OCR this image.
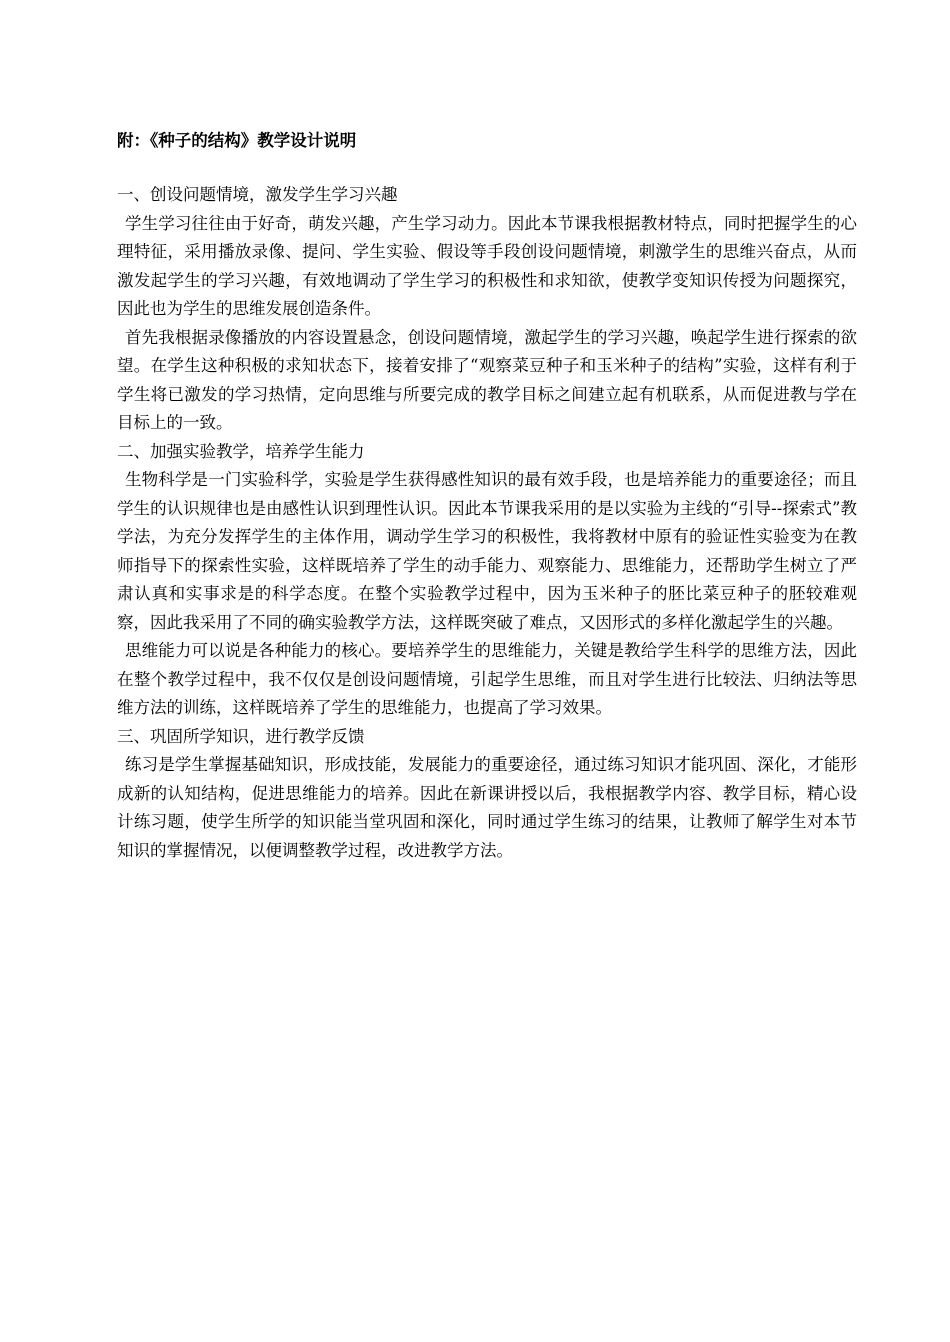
附：《种子的结构》教学设计说明
一、创设问题情境，激发学生学习兴趣

学生学习往往由于好奇，萌发兴趣，产生学习动力。因此本节课我根据教材特点，同时把握学生的心理特征，采用播放录像、提问、学生实验、假设等手段创设问题情境，刺激学生的思维兴奋点，从而激发起学生的学习兴趣，有效地调动了学生学习的积极性和求知欲，使教学变知识传授为问题探究，因此也为学生的思维发展创造条件。

首先我根据录像播放的内容设置悬念，创设问题情境，激起学生的学习兴趣，唤起学生进行探索的欲望。在学生这种积极的求知状态下，接着安排了“观察菜豆种子和玉米种子的结构”实验，这样有利于学生将已激发的学习热情，定向思维与所要完成的教学目标之间建立起有机联系，从而促进教与学在目标上的一致。

二、加强实验教学，培养学生能力

生物科学是一门实验科学，实验是学生获得感性知识的最有效手段，也是培养能力的重要途径；而且学生的认识规律也是由感性认识到理性认识。因此本节课我采用的是以实验为主线的“引导--探索式”教学法，为充分发挥学生的主体作用，调动学生学习的积极性，我将教材中原有的验证性实验变为在教师指导下的探索性实验，这样既培养了学生的动手能力、观察能力、思维能力，还帮助学生树立了严肃认真和实事求是的科学态度。在整个实验教学过程中，因为玉米种子的胚比菜豆种子的胚较难观察，因此我采用了不同的确实验教学方法，这样既突破了难点，又因形式的多样化激起学生的兴趣。

思维能力可以说是各种能力的核心。要培养学生的思维能力，关键是教给学生科学的思维方法，因此在整个教学过程中，我不仅仅是创设问题情境，引起学生思维，而且对学生进行比较法、归纳法等思维方法的训练，这样既培养了学生的思维能力，也提高了学习效果。

三、巩固所学知识，进行教学反馈

练习是学生掌握基础知识，形成技能，发展能力的重要途径，通过练习知识才能巩固、深化，才能形成新的认知结构，促进思维能力的培养。因此在新课讲授以后，我根据教学内容、教学目标，精心设计练习题，使学生所学的知识能当堂巩固和深化，同时通过学生练习的结果，让教师了解学生对本节知识的掌握情况，以便调整教学过程，改进教学方法。
